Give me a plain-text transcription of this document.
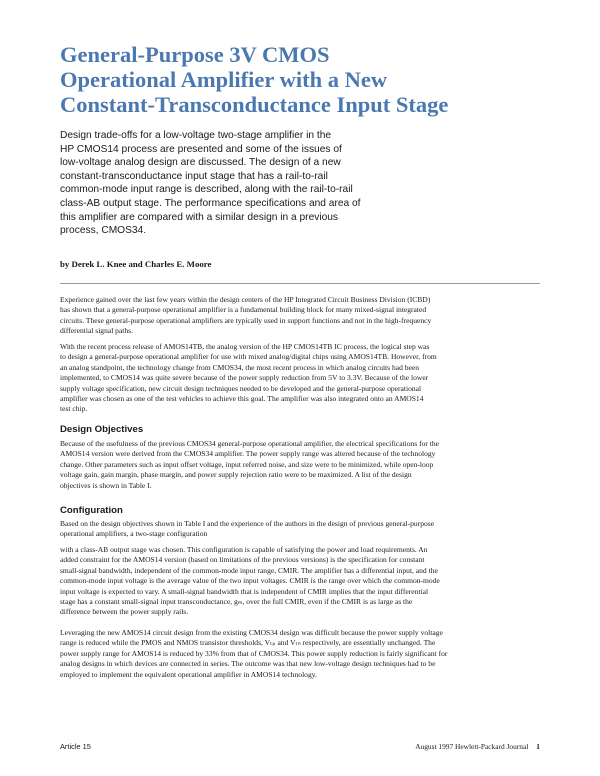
General-Purpose 3V CMOS
Operational Amplifier with a New
Constant-Transconductance Input Stage
Design trade-offs for a low-voltage two-stage amplifier in the
HP CMOS14 process are presented and some of the issues of
low-voltage analog design are discussed. The design of a new
constant-transconductance input stage that has a rail-to-rail
common-mode input range is described, along with the rail-to-rail
class-AB output stage. The performance specifications and area of
this amplifier are compared with a similar design in a previous
process, CMOS34.
by Derek L. Knee and Charles E. Moore
Experience gained over the last few years within the design centers of the HP Integrated Circuit Business Division (ICBD)
has shown that a general-purpose operational amplifier is a fundamental building block for many mixed-signal integrated
circuits. These general-purpose operational amplifiers are typically used in support functions and not in the high-frequency
differential signal paths.
With the recent process release of AMOS14TB, the analog version of the HP CMOS14TB IC process, the logical step was
to design a general-purpose operational amplifier for use with mixed analog/digital chips using AMOS14TB. However, from
an analog standpoint, the technology change from CMOS34, the most recent process in which analog circuits had been
implemented, to CMOS14 was quite severe because of the power supply reduction from 5V to 3.3V. Because of the lower
supply voltage specification, new circuit design techniques needed to be developed and the general-purpose operational
amplifier was chosen as one of the test vehicles to achieve this goal. The amplifier was also integrated onto an AMOS14
test chip.
Design Objectives
Because of the usefulness of the previous CMOS34 general-purpose operational amplifier, the electrical specifications for the
AMOS14 version were derived from the CMOS34 amplifier. The power supply range was altered because of the technology
change. Other parameters such as input offset voltage, input referred noise, and size were to be minimized, while open-loop
voltage gain, gain margin, phase margin, and power supply rejection ratio were to be maximized. A list of the design
objectives is shown in Table I.
Configuration
Based on the design objectives shown in Table I and the experience of the authors in the design of previous general-purpose
operational amplifiers, a two-stage configuration
with a class-AB output stage was chosen. This configuration is capable of satisfying the power and load requirements. An
added constraint for the AMOS14 version (based on limitations of the previous versions) is the specification for constant
small-signal bandwidth, independent of the common-mode input range, CMIR. The amplifier has a differential input, and the
common-mode input voltage is the average value of the two input voltages. CMIR is the range over which the common-mode
input voltage is expected to vary. A small-signal bandwidth that is independent of CMIR implies that the input differential
stage has a constant small-signal input transconductance, gₘ, over the full CMIR, even if the CMIR is as large as the
difference between the power supply rails.
Leveraging the new AMOS14 circuit design from the existing CMOS34 design was difficult because the power supply voltage
range is reduced while the PMOS and NMOS transistor thresholds, Vₜₚ and Vₜₙ respectively, are essentially unchanged. The
power supply range for AMOS14 is reduced by 33% from that of CMOS34. This power supply reduction is fairly significant for
analog designs in which devices are connected in series. The outcome was that new low-voltage design techniques had to be
employed to implement the equivalent operational amplifier in AMOS14 technology.
Article 15	August 1997 Hewlett-Packard Journal 1
